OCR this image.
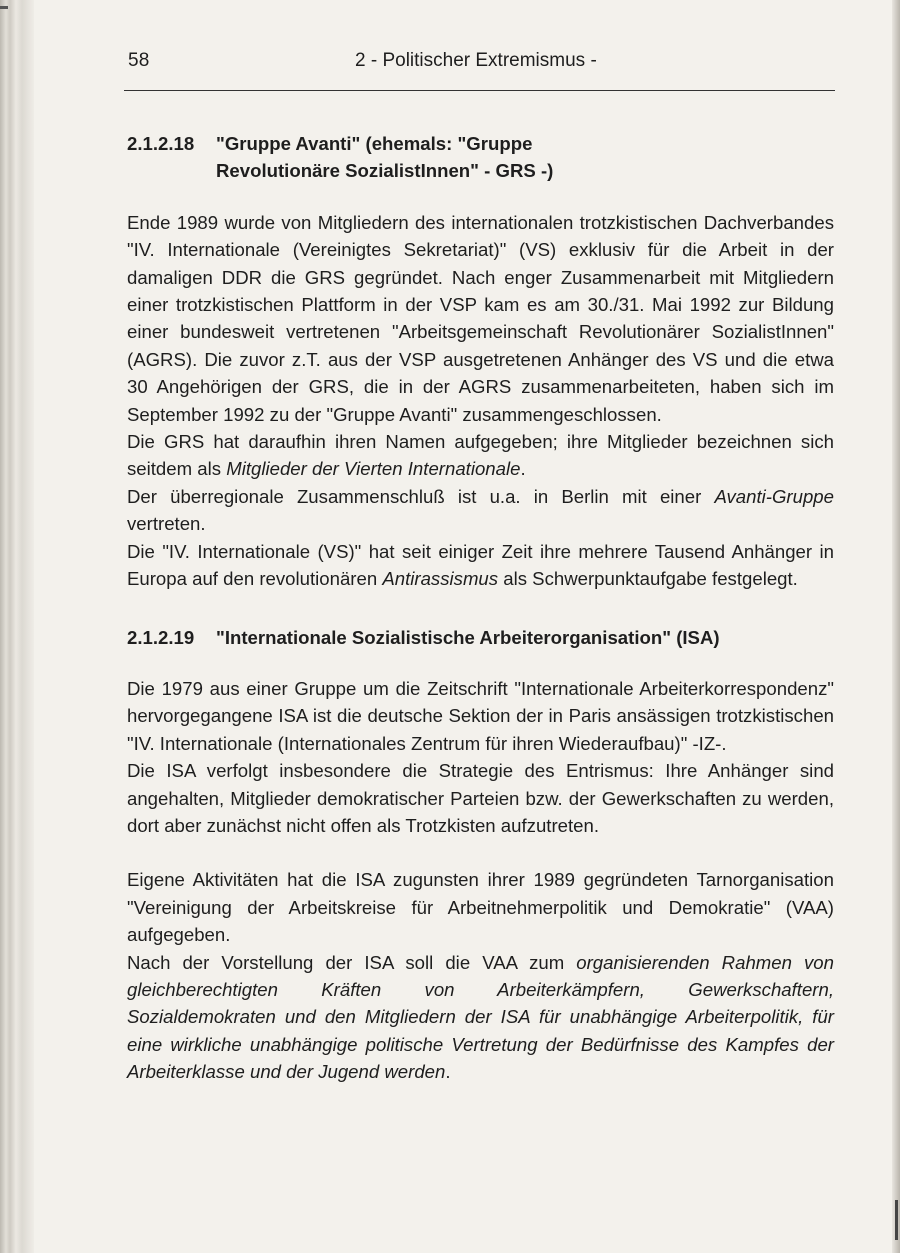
58	2 - Politischer Extremismus -
2.1.2.18	"Gruppe Avanti" (ehemals: "Gruppe
Revolutionäre SozialistInnen" - GRS -)

Ende 1989 wurde von Mitgliedern des internationalen trotzkistischen Dachverbandes "IV. Internationale (Vereinigtes Sekretariat)" (VS) exklusiv für die Arbeit in der damaligen DDR die GRS gegründet. Nach enger Zusammenarbeit mit Mitgliedern einer trotzkistischen Plattform in der VSP kam es am 30./31. Mai 1992 zur Bildung einer bundesweit vertretenen "Arbeitsgemeinschaft Revolutionärer SozialistInnen" (AGRS). Die zuvor z.T. aus der VSP ausgetretenen Anhänger des VS und die etwa 30 Angehörigen der GRS, die in der AGRS zusammenarbeiteten, haben sich im September 1992 zu der "Gruppe Avanti" zusammengeschlossen.

Die GRS hat daraufhin ihren Namen aufgegeben; ihre Mitglieder bezeichnen sich seitdem als Mitglieder der Vierten Internationale.

Der überregionale Zusammenschluß ist u.a. in Berlin mit einer Avanti-Gruppe vertreten.

Die "IV. Internationale (VS)" hat seit einiger Zeit ihre mehrere Tausend Anhänger in Europa auf den revolutionären Antirassismus als Schwerpunktaufgabe festgelegt.

2.1.2.19	"Internationale Sozialistische Arbeiterorganisation" (ISA)

Die 1979 aus einer Gruppe um die Zeitschrift "Internationale Arbeiterkorrespondenz" hervorgegangene ISA ist die deutsche Sektion der in Paris ansässigen trotzkistischen "IV. Internationale (Internationales Zentrum für ihren Wiederaufbau)" -IZ-.

Die ISA verfolgt insbesondere die Strategie des Entrismus: Ihre Anhänger sind angehalten, Mitglieder demokratischer Parteien bzw. der Gewerkschaften zu werden, dort aber zunächst nicht offen als Trotzkisten aufzutreten.

Eigene Aktivitäten hat die ISA zugunsten ihrer 1989 gegründeten Tarnorganisation "Vereinigung der Arbeitskreise für Arbeitnehmerpolitik und Demokratie" (VAA) aufgegeben.

Nach der Vorstellung der ISA soll die VAA zum organisierenden Rahmen von gleichberechtigten Kräften von Arbeiterkämpfern, Gewerkschaftern, Sozialdemokraten und den Mitgliedern der ISA für unabhängige Arbeiterpolitik, für eine wirkliche unabhängige politische Vertretung der Bedürfnisse des Kampfes der Arbeiterklasse und der Jugend werden.
